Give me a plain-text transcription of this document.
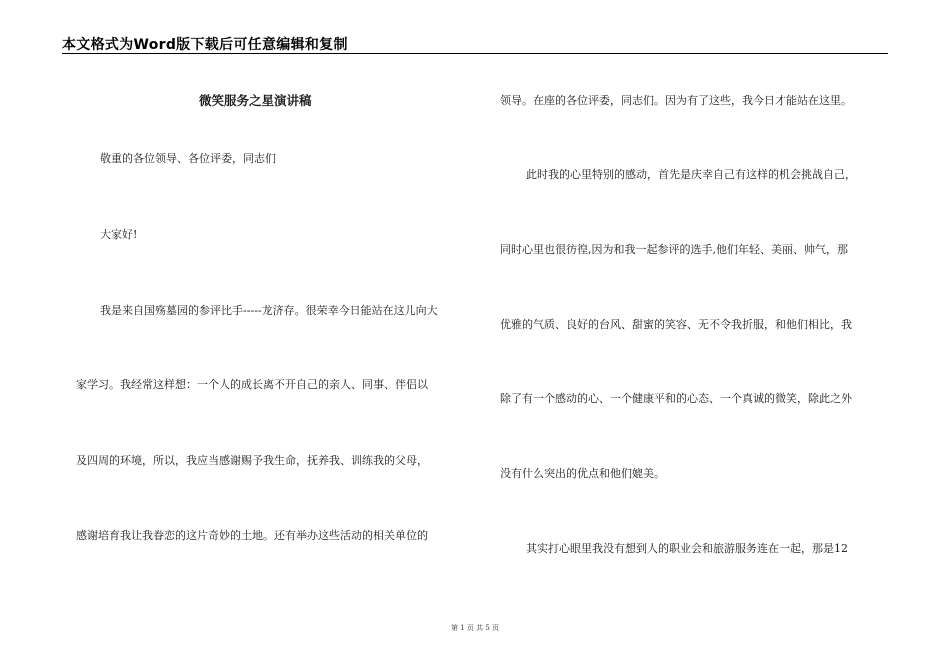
本文格式为Word版下载后可任意编辑和复制
微笑服务之星演讲稿
敬重的各位领导、各位评委，同志们
大家好!
我是来自国殇墓园的参评比手-----龙济存。很荣幸今日能站在这儿向大
家学习。我经常这样想：一个人的成长离不开自己的亲人、同事、伴侣以
及四周的环境，所以，我应当感谢赐予我生命，抚养我、训练我的父母，
感谢培育我让我眷恋的这片奇妙的土地。还有举办这些活动的相关单位的
领导。在座的各位评委，同志们。因为有了这些，我今日才能站在这里。
此时我的心里特别的感动，首先是庆幸自己有这样的机会挑战自己，
同时心里也很彷徨,因为和我一起参评的选手,他们年轻、美丽、帅气，那
优雅的气质、良好的台风、甜蜜的笑容、无不令我折服，和他们相比，我
除了有一个感动的心、一个健康平和的心态、一个真诚的微笑，除此之外
没有什么突出的优点和他们媲美。
其实打心眼里我没有想到人的职业会和旅游服务连在一起，那是12
第 1 页 共 5 页
